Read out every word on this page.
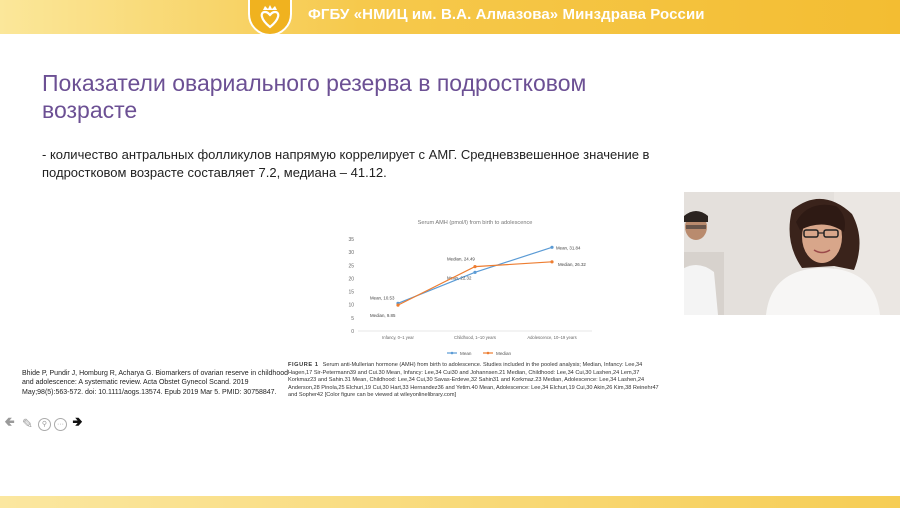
ФГБУ «НМИЦ им. В.А. Алмазова» Минздрава России
Показатели овариального резерва в подростковом возрасте
- количество антральных фолликулов напрямую коррелирует с АМГ. Средневзвешенное значение в подростковом возрасте составляет 7.2, медиана – 41.12.
Serum AMH (pmol/l) from birth to adolescence
0
5
10
15
20
25
30
35
Infancy, 0–1 year	Childhood, 1–10 years	Adolescence, 10–19 years
Mean, 10.53
Mean, 22.32
Mean, 31.84
Median, 9.85
Median, 24.49
Median, 26.32
Mean	Median
FIGURE 1 Serum anti-Mullerian hormone (AMH) from birth to adolescence. Studies included in the pooled analysis; Median, Infancy: Lee,34 Hagen,17 Sir-Petermann39 and Cui.30 Mean, Infancy: Lee,34 Cui30 and Johannsen.21 Median, Childhood: Lee,34 Cui,30 Lashen,24 Lem,37 Korkmaz23 and Sahin.31 Mean, Childhood: Lee,34 Cui,30 Savas-Erdeve,32 Sahin31 and Korkmaz.23 Median, Adolescence: Lee,34 Lashen,24 Anderson,28 Pinola,25 Elchuri,19 Cui,30 Hart,33 Hernandez36 and Yetim.40 Mean, Adolescence: Lee,34 Elchuri,19 Cui,30 Akin,26 Kim,38 Reinehr47 and Sopher42 [Color figure can be viewed at wileyonlinelibrary.com]
Bhide P, Pundir J, Homburg R, Acharya G. Biomarkers of ovarian reserve in childhood and adolescence: A systematic review. Acta Obstet Gynecol Scand. 2019 May;98(5):563-572. doi: 10.1111/aogs.13574. Epub 2019 Mar 5. PMID: 30758847.
🢀 ✎	⚲	··· 🢂
